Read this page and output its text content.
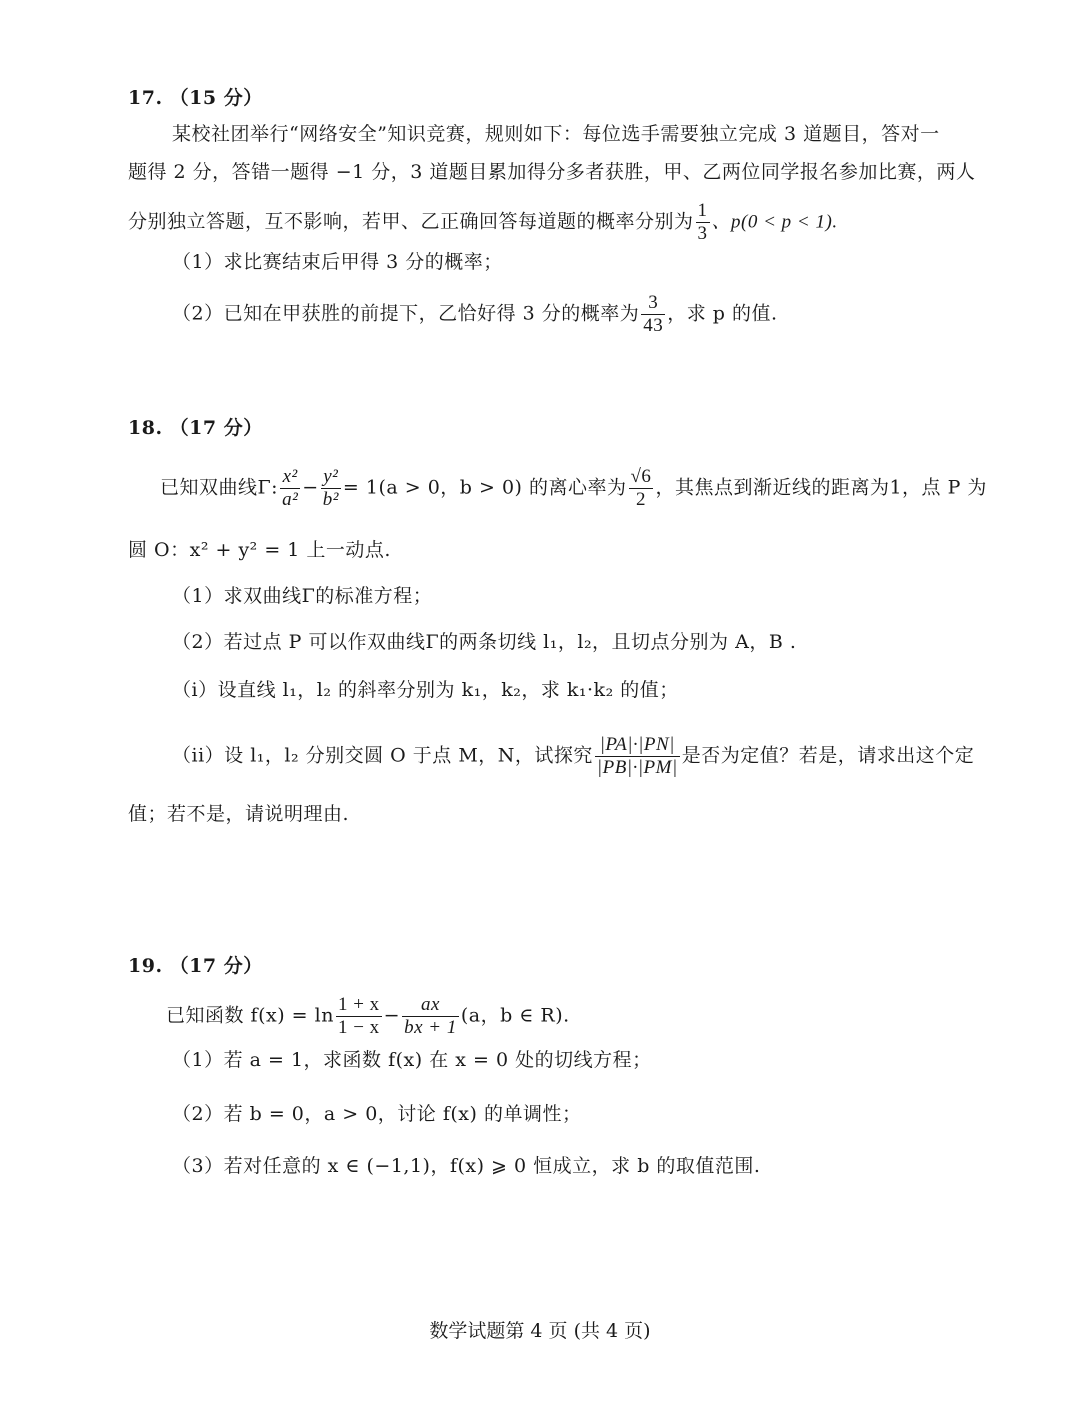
17. （15 分）
某校社团举行“网络安全”知识竞赛，规则如下：每位选手需要独立完成 3 道题目，答对一
题得 2 分，答错一题得 −1 分，3 道题目累加得分多者获胜，甲、乙两位同学报名参加比赛，两人
分别独立答题，互不影响，若甲、乙正确回答每道题的概率分别为 $\frac{1}{3}$ 、p(0 < p < 1).
（1）求比赛结束后甲得 3 分的概率；
（2）已知在甲获胜的前提下，乙恰好得 3 分的概率为 $\frac{3}{43}$ ，求 p 的值.
18. （17 分）
已知双曲线Γ: $\frac{\text{x²}}{\text{a²}} - \frac{\text{y²}}{\text{b²}} = 1(a > 0$，b > 0) 的离心率为 $\frac{√6}{2}$ ，其焦点到渐近线的距离为1，点 P 为
圆 O：x² + y² = 1 上一动点.
（1）求双曲线Γ的标准方程；
（2）若过点 P 可以作双曲线Γ的两条切线 l₁，l₂，且切点分别为 A，B .
（i）设直线 l₁，l₂ 的斜率分别为 k₁，k₂，求 k₁·k₂ 的值；
（ii）设 l₁，l₂ 分别交圆 O 于点 M，N，试探究 $\frac{|PA|\cdot|PN|}{|PB|\cdot|PM|}$ 是否为定值？若是，请求出这个定
值；若不是，请说明理由.
19. （17 分）
已知函数 $f(x) = \ln \frac{1 + x}{1 - x} - \frac{ax}{bx + 1} (a$，b ∈ R).
（1）若 a = 1，求函数 f(x) 在 x = 0 处的切线方程；
（2）若 b = 0，a > 0，讨论 f(x) 的单调性；
（3）若对任意的 x ∈ (−1,1)，f(x) ⩾ 0 恒成立，求 b 的取值范围.
数学试题第 4 页 (共 4 页)
